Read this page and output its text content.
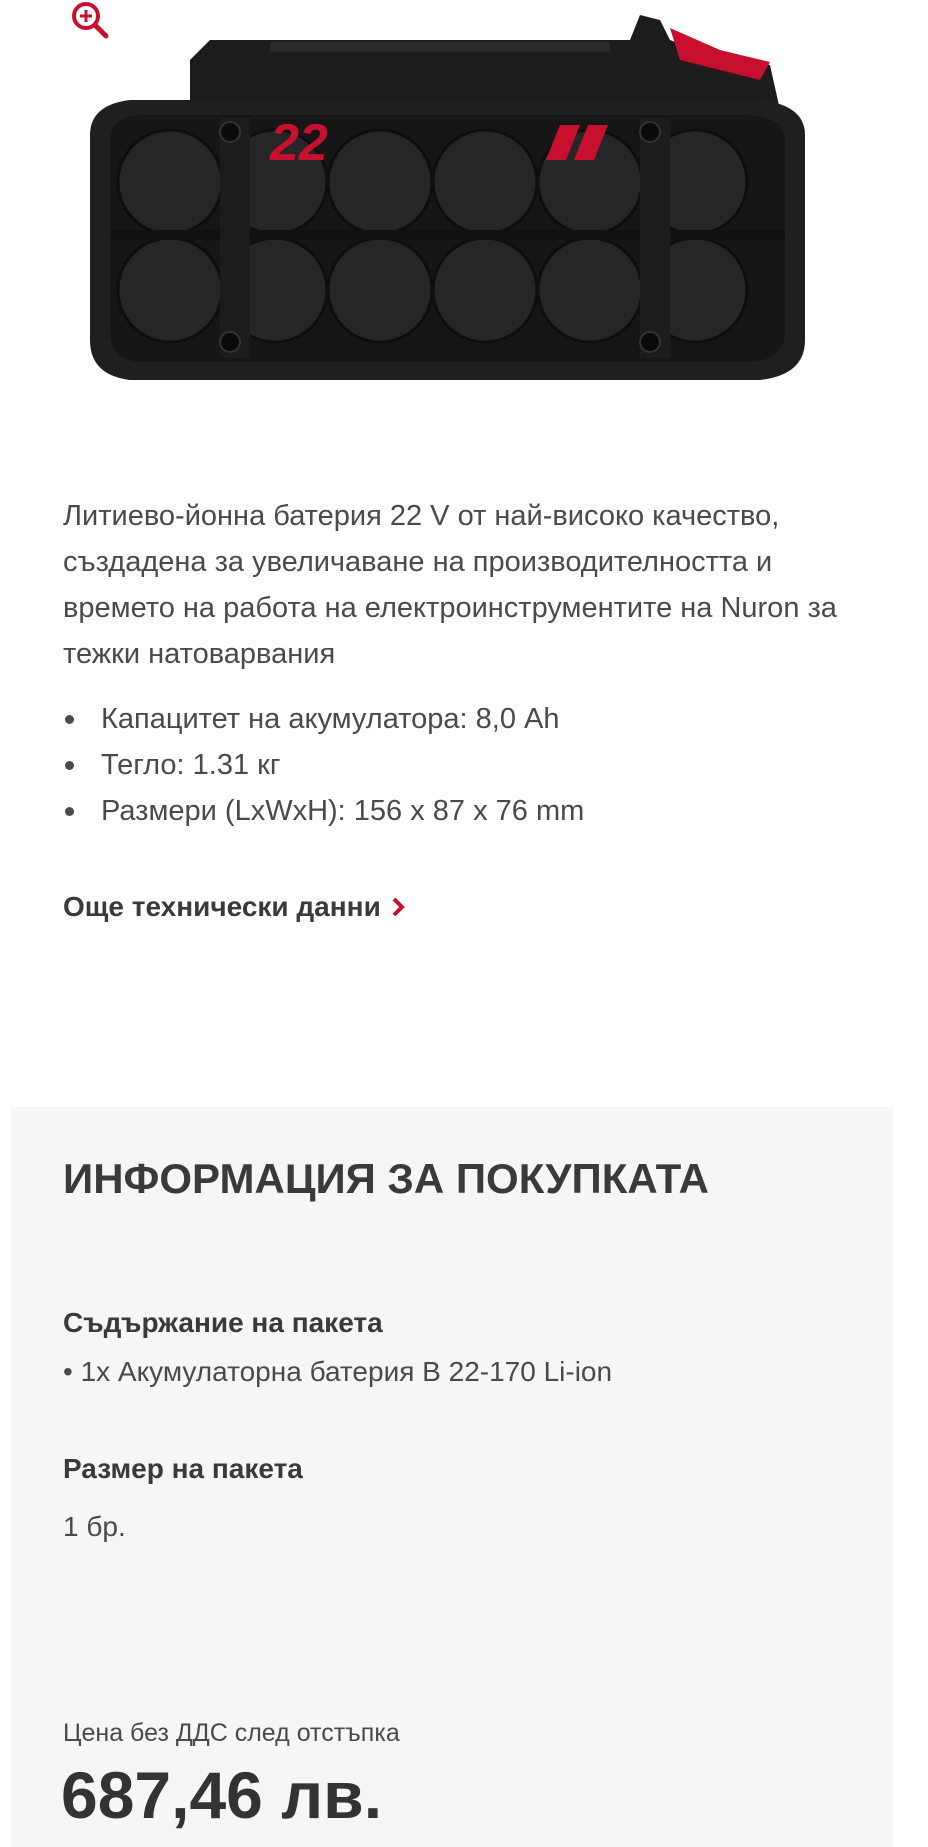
22

Литиево-йонна батерия 22 V от най-високо качество, създадена за увеличаване на производителността и времето на работа на електроинструментите на Nuron за тежки натоварвания

Капацитет на акумулатора: 8,0 Ah
Тегло: 1.31 кг
Размери (LxWxH): 156 x 87 x 76 mm
Още технически данни
ИНФОРМАЦИЯ ЗА ПОКУПКАТА
Съдържание на пакета
• 1x Акумулаторна батерия B 22-170 Li-ion
Размер на пакета
1 бр.
Цена без ДДС след отстъпка
687,46 лв.
